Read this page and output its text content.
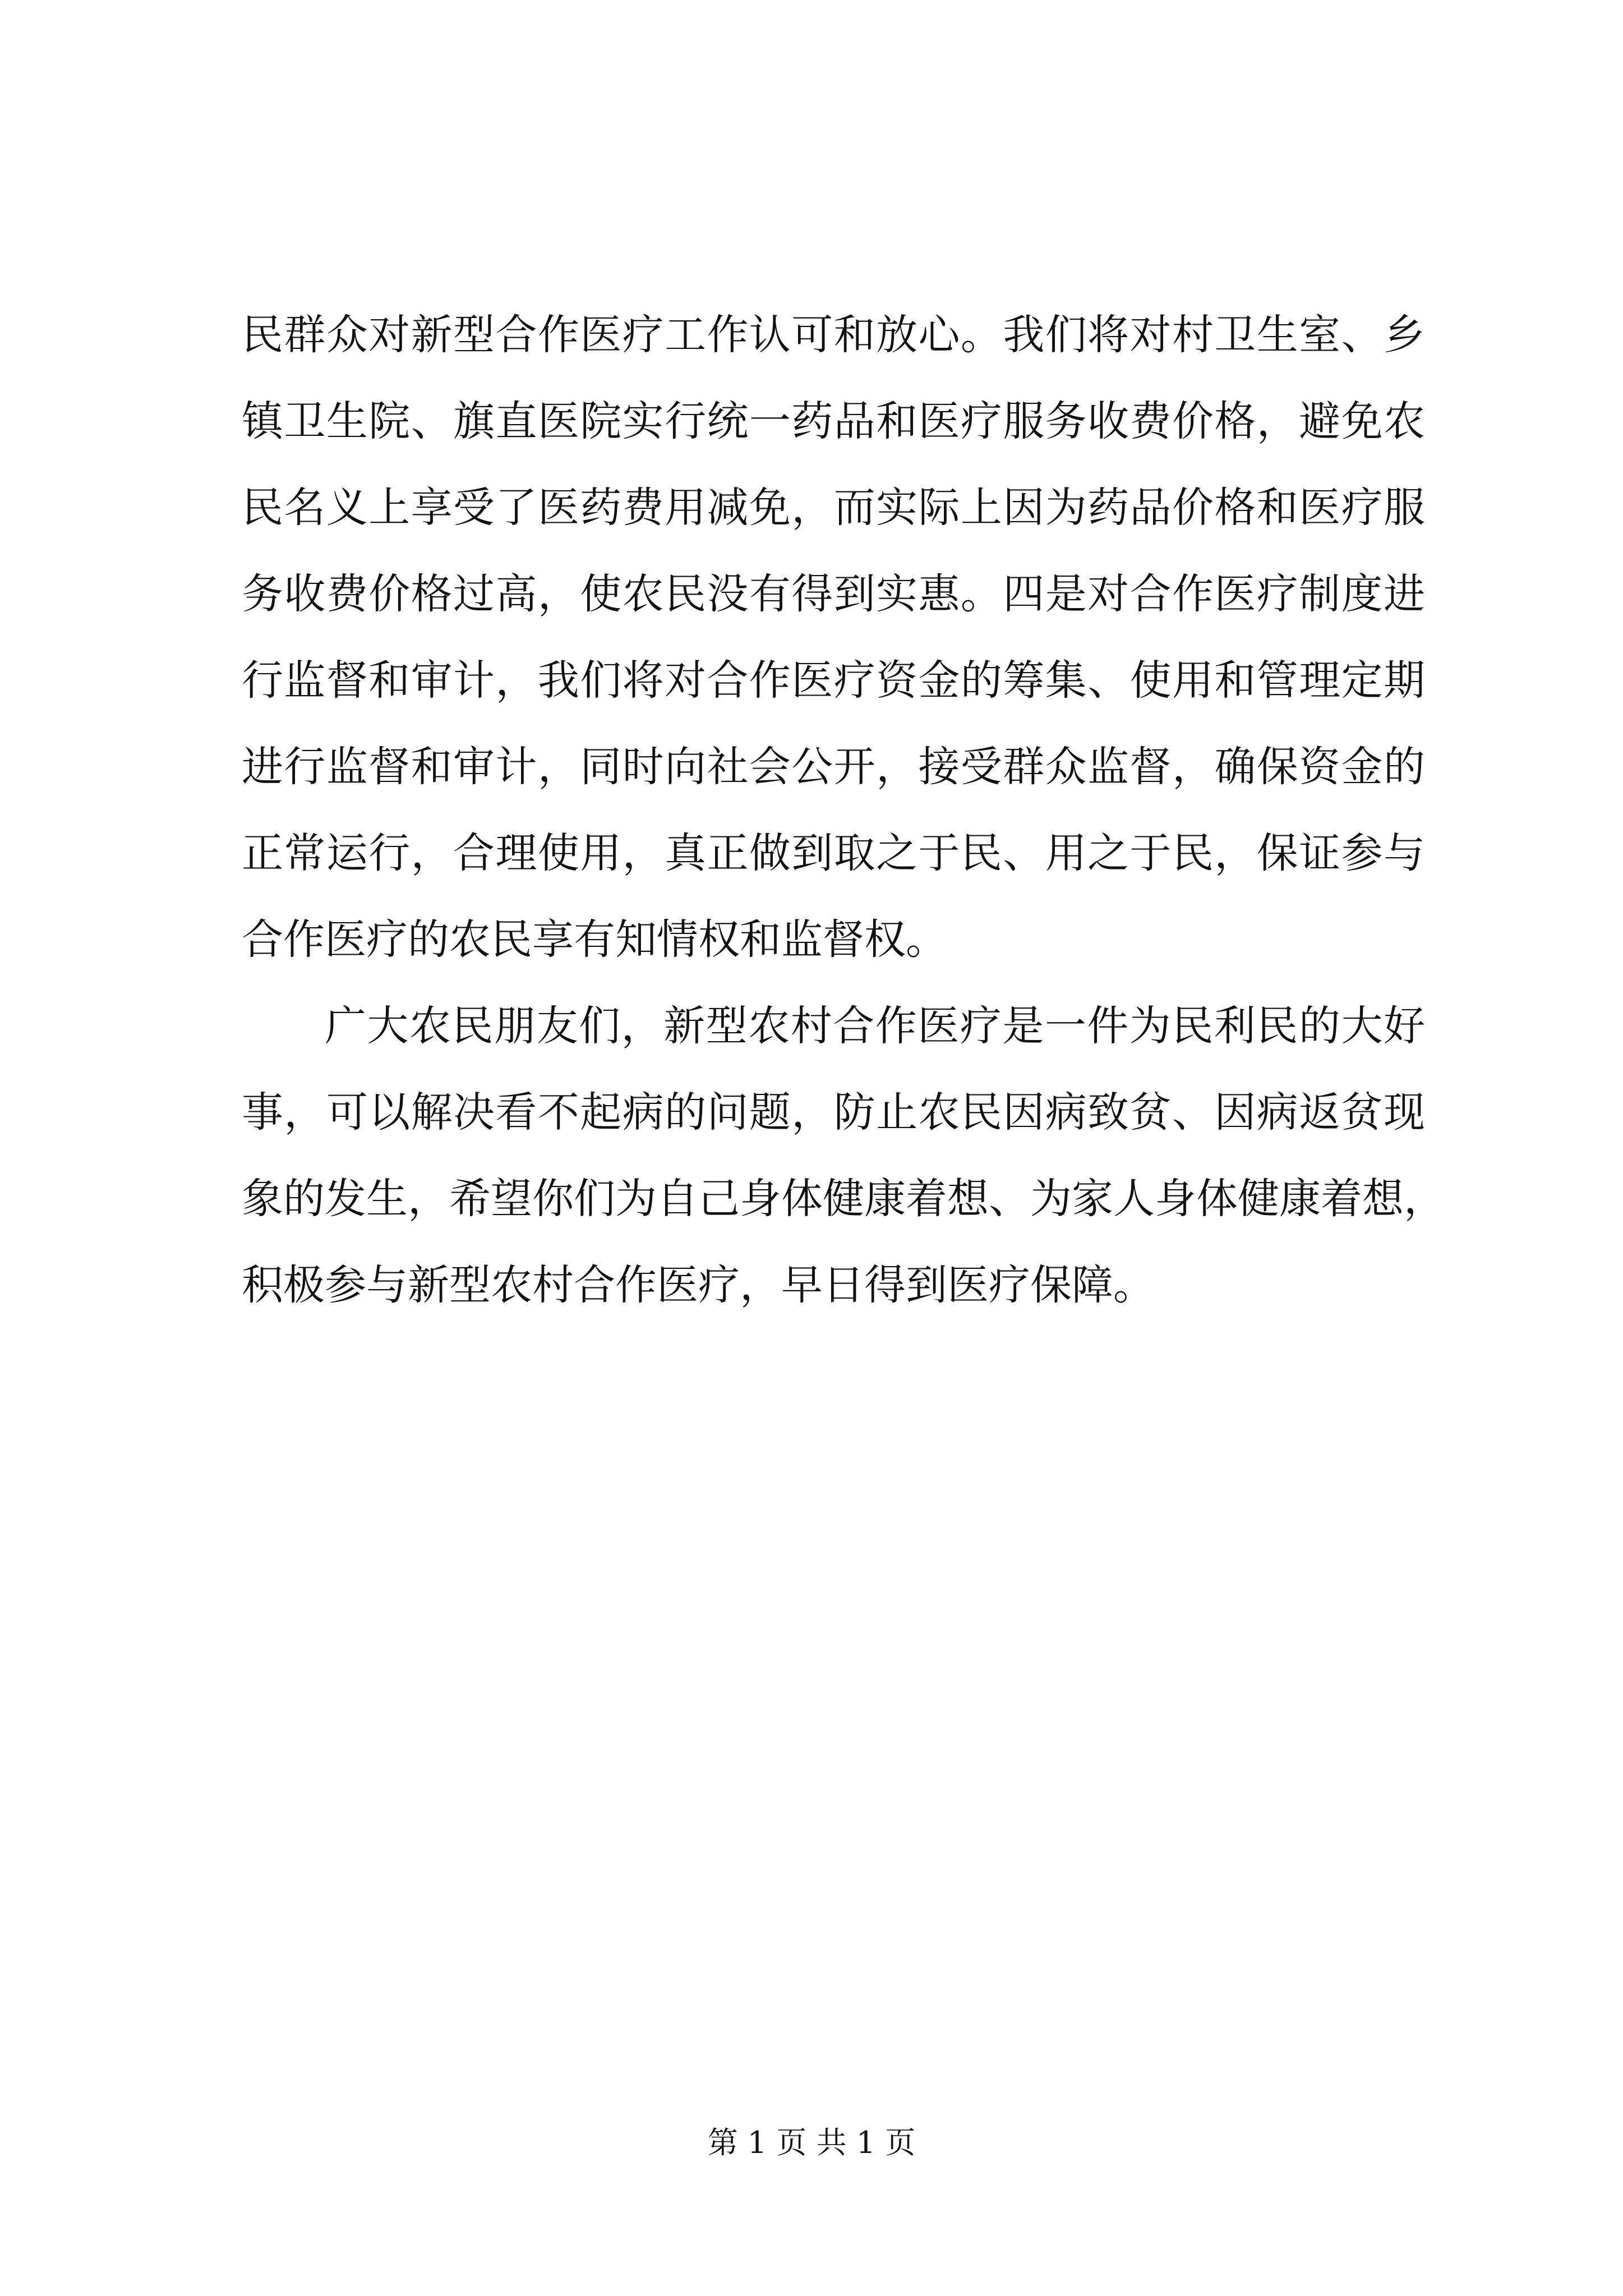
民群众对新型合作医疗工作认可和放心。我们将对村卫生室、乡
镇卫生院、旗直医院实行统一药品和医疗服务收费价格，避免农
民名义上享受了医药费用减免，而实际上因为药品价格和医疗服
务收费价格过高，使农民没有得到实惠。四是对合作医疗制度进
行监督和审计，我们将对合作医疗资金的筹集、使用和管理定期
进行监督和审计，同时向社会公开，接受群众监督，确保资金的
正常运行，合理使用，真正做到取之于民、用之于民，保证参与
合作医疗的农民享有知情权和监督权。
广大农民朋友们，新型农村合作医疗是一件为民利民的大好
事，可以解决看不起病的问题，防止农民因病致贫、因病返贫现
象的发生，希望你们为自己身体健康着想、为家人身体健康着想，
积极参与新型农村合作医疗，早日得到医疗保障。
第 1 页 共 1 页
